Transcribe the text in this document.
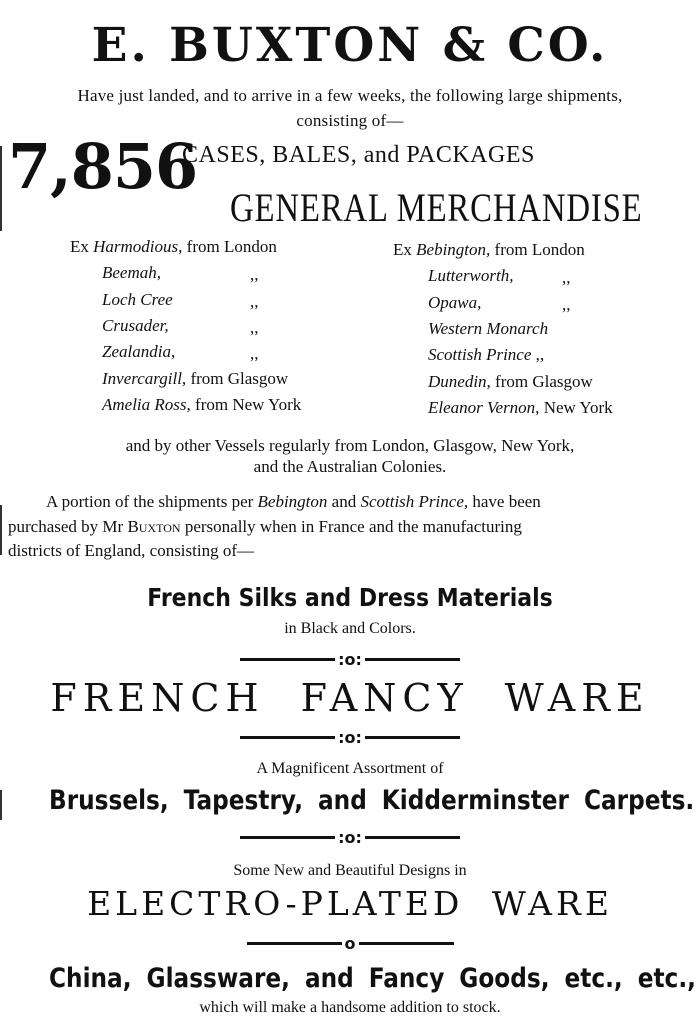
E. BUXTON & CO.
Have just landed, and to arrive in a few weeks, the following large shipments,
consisting of—
7,856
CASES, BALES, and PACKAGES
GENERAL MERCHANDISE
Ex Harmodious, from London
Beemah,	,,
Loch Cree	,,
Crusader,	,,
Zealandia,	,,
Invercargill, from Glasgow
Amelia Ross, from New York
Ex Bebington, from London
Lutterworth,	,,
Opawa,	,,
Western Monarch
Scottish Prince ,,
Dunedin, from Glasgow
Eleanor Vernon, New York
and by other Vessels regularly from London, Glasgow, New York,
and the Australian Colonies.
A portion of the shipments per Bebington and Scottish Prince, have been
purchased by Mr Buxton personally when in France and the manufacturing
districts of England, consisting of—
French Silks and Dress Materials
in Black and Colors.
:o:
FRENCH FANCY WARE
:o:
A Magnificent Assortment of
Brussels, Tapestry, and Kidderminster Carpets.
:o:
Some New and Beautiful Designs in
ELECTRO-PLATED WARE
o
China, Glassware, and Fancy Goods, etc., etc.,
which will make a handsome addition to stock.
